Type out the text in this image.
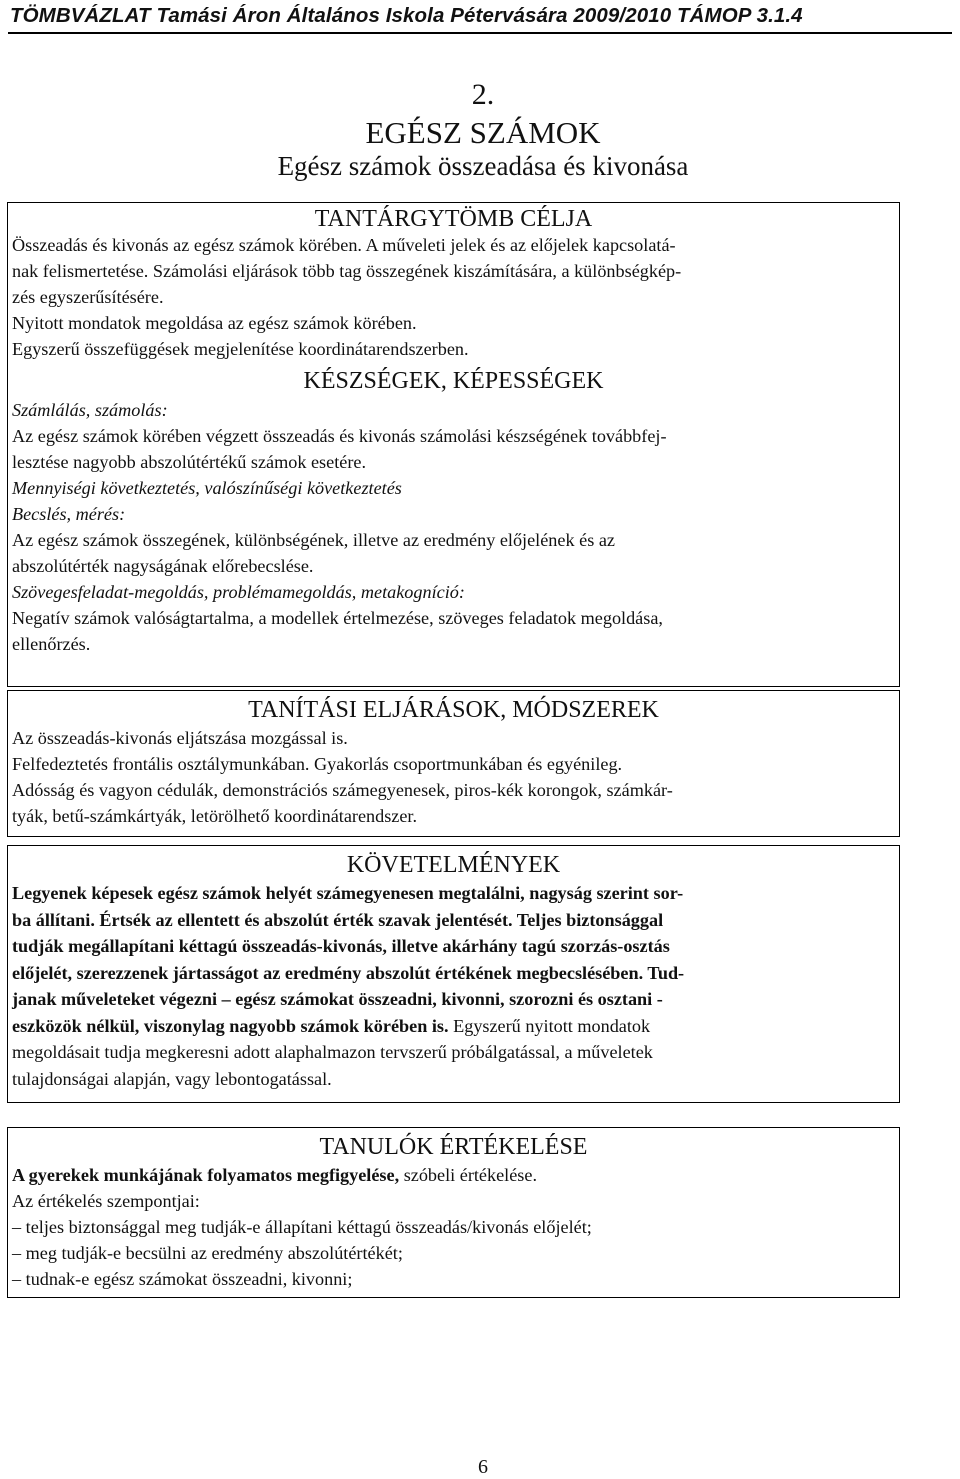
TÖMBVÁZLAT Tamási Áron Általános Iskola Pétervására 2009/2010 TÁMOP 3.1.4
2.
EGÉSZ SZÁMOK
Egész számok összeadása és kivonása
TANTÁRGYTÖMB CÉLJA

Összeadás és kivonás az egész számok körében. A műveleti jelek és az előjelek kapcsolatá-

nak felismertetése. Számolási eljárások több tag összegének kiszámítására, a különbségkép-

zés egyszerűsítésére.

Nyitott mondatok megoldása az egész számok körében.

Egyszerű összefüggések megjelenítése koordinátarendszerben.

KÉSZSÉGEK, KÉPESSÉGEK

Számlálás, számolás:

Az egész számok körében végzett összeadás és kivonás számolási készségének továbbfej-

lesztése nagyobb abszolútértékű számok esetére.

Mennyiségi következtetés, valószínűségi következtetés

Becslés, mérés:

Az egész számok összegének, különbségének, illetve az eredmény előjelének és az

abszolútérték nagyságának előrebecslése.

Szövegesfeladat-megoldás, problémamegoldás, metakogníció:

Negatív számok valóságtartalma, a modellek értelmezése, szöveges feladatok megoldása,

ellenőrzés.

TANÍTÁSI ELJÁRÁSOK, MÓDSZEREK

Az összeadás-kivonás eljátszása mozgással is.

Felfedeztetés frontális osztálymunkában. Gyakorlás csoportmunkában és egyénileg.

Adósság és vagyon cédulák, demonstrációs számegyenesek, piros-kék korongok, számkár-

tyák, betű-számkártyák, letörölhető koordinátarendszer.

KÖVETELMÉNYEK

Legyenek képesek egész számok helyét számegyenesen megtalálni, nagyság szerint sor-

ba állítani. Értsék az ellentett és abszolút érték szavak jelentését. Teljes biztonsággal

tudják megállapítani kéttagú összeadás-kivonás, illetve akárhány tagú szorzás-osztás

előjelét, szerezzenek jártasságot az eredmény abszolút értékének megbecslésében. Tud-

janak műveleteket végezni – egész számokat összeadni, kivonni, szorozni és osztani -

eszközök nélkül, viszonylag nagyobb számok körében is. Egyszerű nyitott mondatok

megoldásait tudja megkeresni adott alaphalmazon tervszerű próbálgatással, a műveletek

tulajdonságai alapján, vagy lebontogatással.

TANULÓK ÉRTÉKELÉSE

A gyerekek munkájának folyamatos megfigyelése, szóbeli értékelése.

Az értékelés szempontjai:

– teljes biztonsággal meg tudják-e állapítani kéttagú összeadás/kivonás előjelét;

– meg tudják-e becsülni az eredmény abszolútértékét;

– tudnak-e egész számokat összeadni, kivonni;

6
